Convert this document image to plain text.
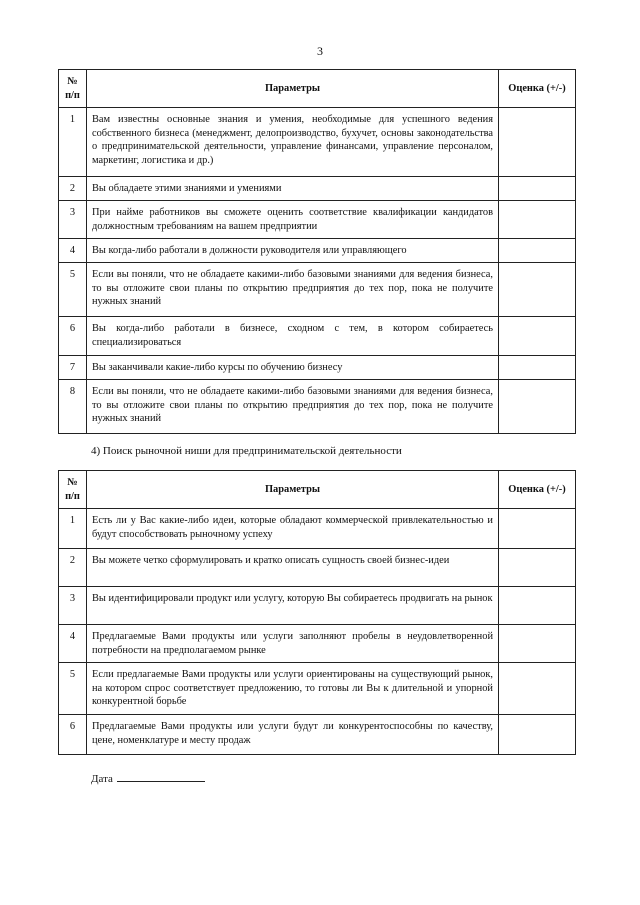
3
№ п/п	Параметры	Оценка (+/-)
1	Вам известны основные знания и умения, необходимые для успешного ведения собственного бизнеса (менеджмент, делопроизводство, бухучет, основы законодательства о предпринимательской деятельности, управление финансами, управление персоналом, маркетинг, логистика и др.)	
2	Вы обладаете этими знаниями и умениями	
3	При найме работников вы сможете оценить соответствие квалификации кандидатов должностным требованиям на вашем предприятии	
4	Вы когда-либо работали в должности руководителя или управляющего	
5	Если вы поняли, что не обладаете какими-либо базовыми знаниями для ведения бизнеса, то вы отложите свои планы по открытию предприятия до тех пор, пока не получите нужных знаний	
6	Вы когда-либо работали в бизнесе, сходном с тем, в котором собираетесь специализироваться	
7	Вы заканчивали какие-либо курсы по обучению бизнесу	
8	Если вы поняли, что не обладаете какими-либо базовыми знаниями для ведения бизнеса, то вы отложите свои планы по открытию предприятия до тех пор, пока не получите нужных знаний	
4) Поиск рыночной ниши для предпринимательской деятельности
№ п/п	Параметры	Оценка (+/-)
1	Есть ли у Вас какие-либо идеи, которые обладают коммерческой привлекательностью и будут способствовать рыночному успеху	
2	Вы можете четко сформулировать и кратко описать сущность своей бизнес-идеи	
3	Вы идентифицировали продукт или услугу, которую Вы собираетесь продвигать на рынок	
4	Предлагаемые Вами продукты или услуги заполняют пробелы в неудовлетворенной потребности на предполагаемом рынке	
5	Если предлагаемые Вами продукты или услуги ориентированы на существующий рынок, на котором спрос соответствует предложению, то готовы ли Вы к длительной и упорной конкурентной борьбе	
6	Предлагаемые Вами продукты или услуги будут ли конкурентоспособны по качеству, цене, номенклатуре и месту продаж	
Дата
